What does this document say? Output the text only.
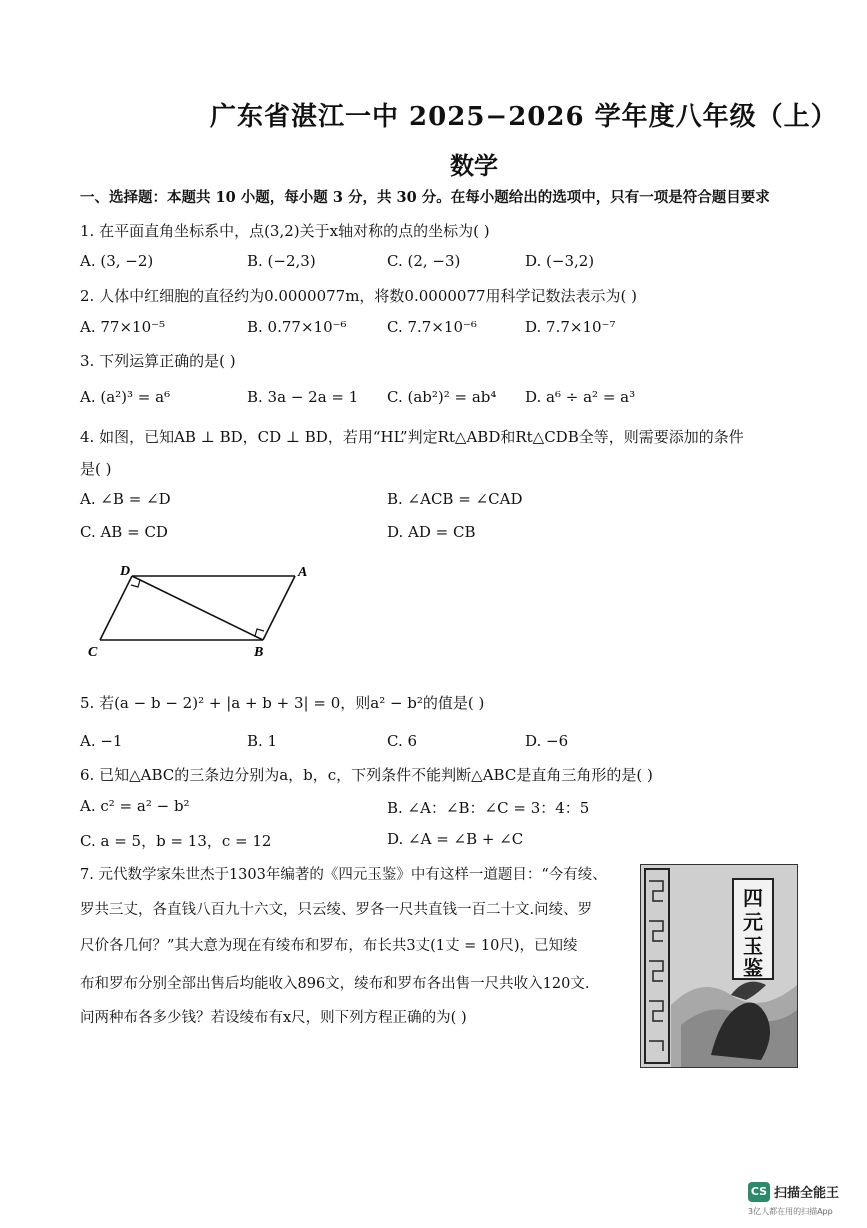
广东省湛江一中 2025−2026 学年度八年级（上）
数学
一、选择题：本题共 10 小题，每小题 3 分，共 30 分。在每小题给出的选项中，只有一项是符合题目要求
1. 在平面直角坐标系中，点(3,2)关于x轴对称的点的坐标为( )
A. (3, −2)	B. (−2,3)	C. (2, −3)	D. (−3,2)
2. 人体中红细胞的直径约为0.0000077m，将数0.0000077用科学记数法表示为( )
A. 77×10⁻⁵	B. 0.77×10⁻⁶	C. 7.7×10⁻⁶	D. 7.7×10⁻⁷
3. 下列运算正确的是( )
A. (a²)³ = a⁶	B. 3a − 2a = 1 C. (ab²)² = ab⁴ D. a⁶ ÷ a² = a³
4. 如图，已知AB ⊥ BD，CD ⊥ BD，若用“HL”判定Rt△ABD和Rt△CDB全等，则需要添加的条件
是( )
A. ∠B = ∠D	B. ∠ACB = ∠CAD
C. AB = CD	D. AD = CB
D	A
C	B
5. 若(a − b − 2)² + |a + b + 3| = 0，则a² − b²的值是( )
A. −1	B. 1	C. 6	D. −6
6. 已知△ABC的三条边分别为a，b，c，下列条件不能判断△ABC是直角三角形的是( )
A. c² = a² − b²	B. ∠A：∠B：∠C = 3：4：5
C. a = 5，b = 13，c = 12	D. ∠A = ∠B + ∠C
7. 元代数学家朱世杰于1303年编著的《四元玉鉴》中有这样一道题目：“今有绫、
罗共三丈，各直钱八百九十六文，只云绫、罗各一尺共直钱一百二十文.问绫、罗
尺价各几何？”其大意为现在有绫布和罗布，布长共3丈(1丈 = 10尺)，已知绫
布和罗布分别全部出售后均能收入896文，绫布和罗布各出售一尺共收入120文.
问两种布各多少钱？若设绫布有x尺，则下列方程正确的为( )
四
元
玉
鉴
CS 扫描全能王
3亿人都在用的扫描App
